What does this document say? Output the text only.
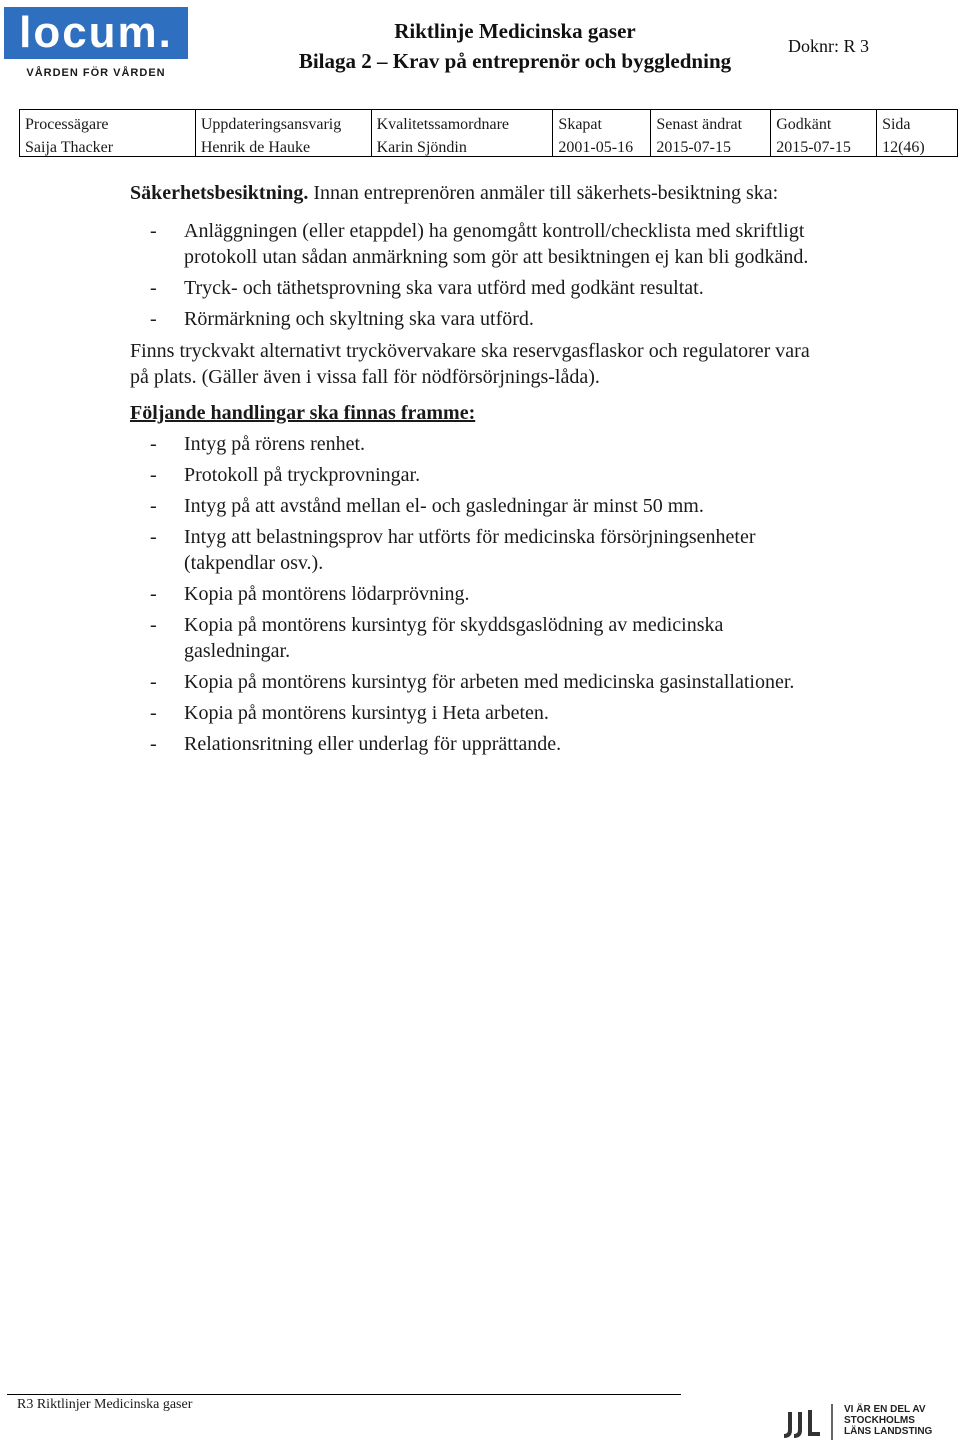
locum.
VÅRDEN FÖR VÅRDEN
Riktlinje Medicinska gaser
Bilaga 2 – Krav på entreprenör och byggledning
Doknr: R 3
Processägare
Saija Thacker
Uppdateringsansvarig
Henrik de Hauke
Kvalitetssamordnare
Karin Sjöndin
Skapat
2001-05-16
Senast ändrat
2015-07-15
Godkänt
2015-07-15
Sida
12(46)

Säkerhetsbesiktning. Innan entreprenören anmäler till säkerhets-besiktning ska:

- Anläggningen (eller etappdel) ha genomgått kontroll/checklista med skriftligt protokoll utan sådan anmärkning som gör att besiktningen ej kan bli godkänd.
- Tryck- och täthetsprovning ska vara utförd med godkänt resultat.
- Rörmärkning och skyltning ska vara utförd.

Finns tryckvakt alternativt tryckövervakare ska reservgasflaskor och regulatorer vara på plats. (Gäller även i vissa fall för nödförsörjnings-låda).

Följande handlingar ska finnas framme:

- Intyg på rörens renhet.
- Protokoll på tryckprovningar.
- Intyg på att avstånd mellan el- och gasledningar är minst 50 mm.
- Intyg att belastningsprov har utförts för medicinska försörjningsenheter (takpendlar osv.).
- Kopia på montörens lödarprövning.
- Kopia på montörens kursintyg för skyddsgaslödning av medicinska gasledningar.
- Kopia på montörens kursintyg för arbeten med medicinska gasinstallationer.
- Kopia på montörens kursintyg i Heta arbeten.
- Relationsritning eller underlag för upprättande.
R3 Riktlinjer Medicinska gaser	VI ÄR EN DEL AV
STOCKHOLMS
LÄNS LANDSTING
